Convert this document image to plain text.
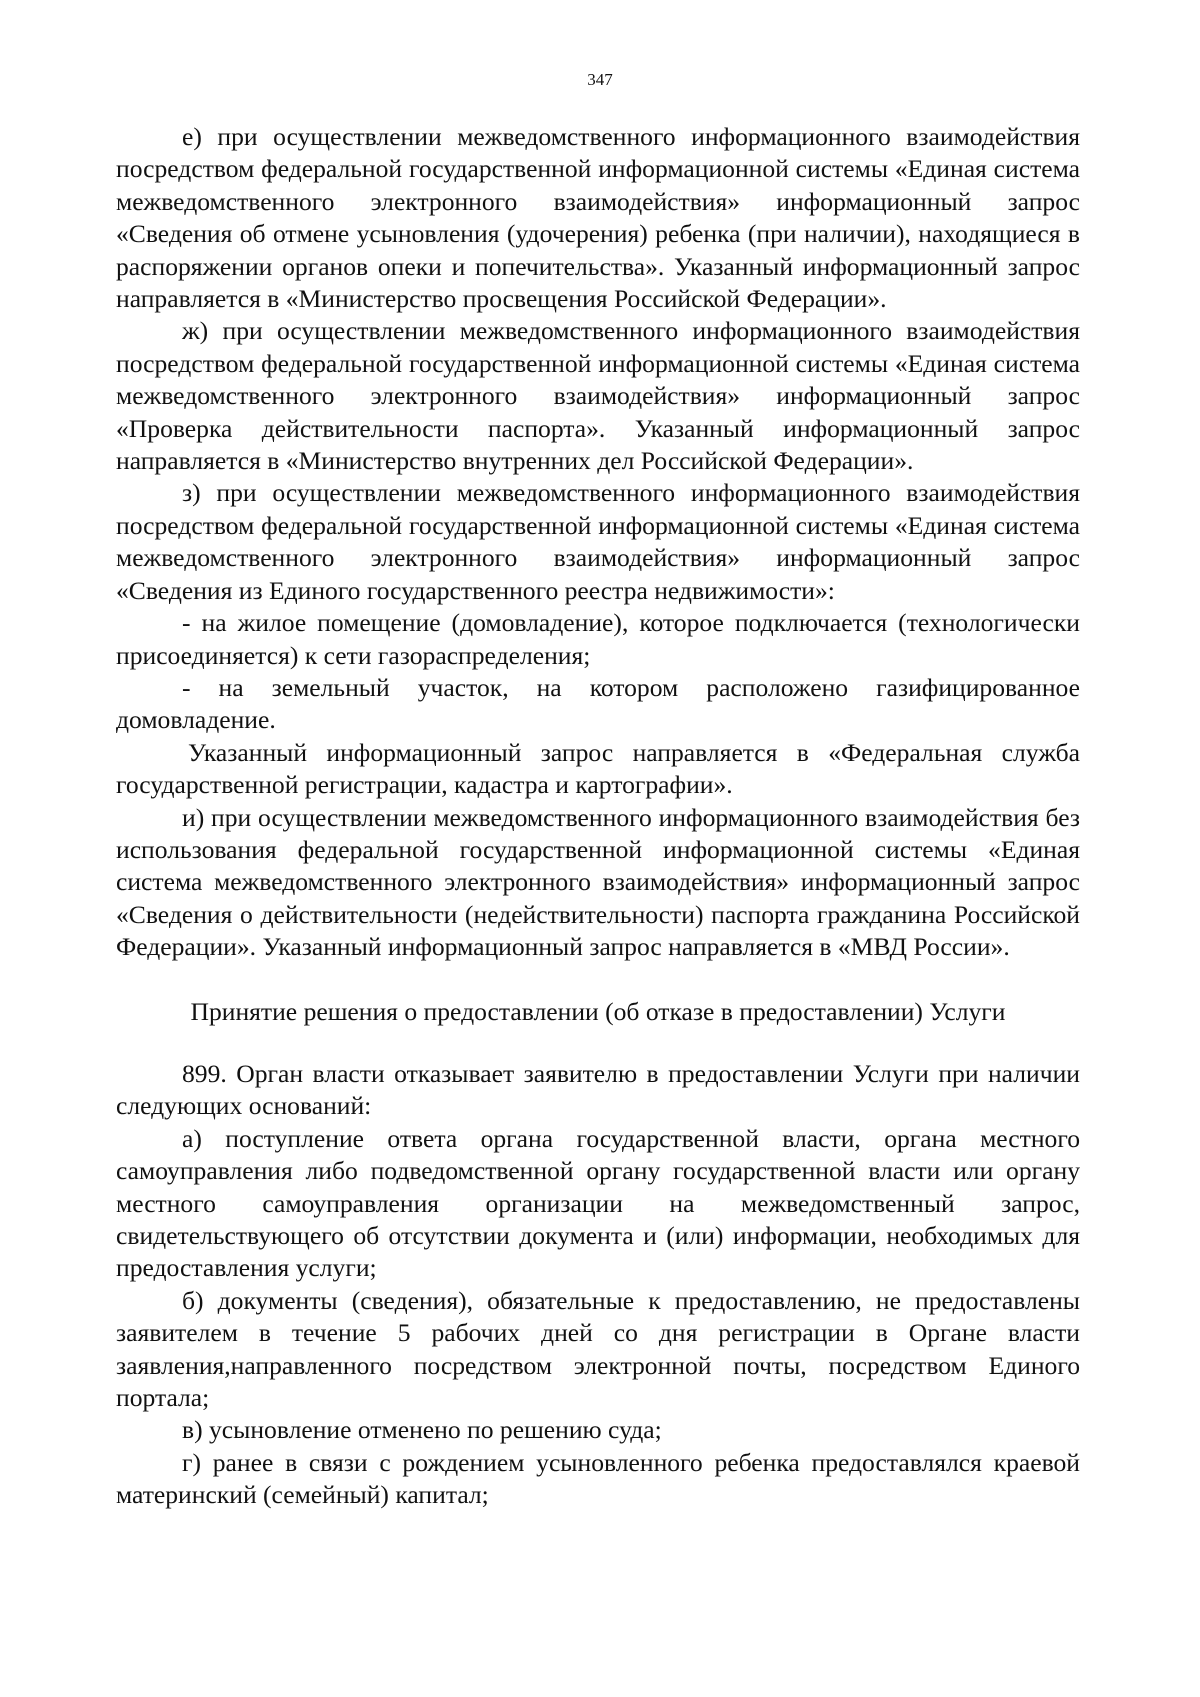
347

е) при осуществлении межведомственного информационного взаимодействия посредством федеральной государственной информационной системы «Единая система межведомственного электронного взаимодействия» информационный запрос «Сведения об отмене усыновления (удочерения) ребенка (при наличии), находящиеся в распоряжении органов опеки и попечительства». Указанный информационный запрос направляется в «Министерство просвещения Российской Федерации».

ж) при осуществлении межведомственного информационного взаимодействия посредством федеральной государственной информационной системы «Единая система межведомственного электронного взаимодействия» информационный запрос «Проверка действительности паспорта». Указанный информационный запрос направляется в «Министерство внутренних дел Российской Федерации».

з) при осуществлении межведомственного информационного взаимодействия посредством федеральной государственной информационной системы «Единая система межведомственного электронного взаимодействия» информационный запрос «Сведения из Единого государственного реестра недвижимости»:

- на жилое помещение (домовладение), которое подключается (технологически присоединяется) к сети газораспределения;

- на земельный участок, на котором расположено газифицированное домовладение.

Указанный информационный запрос направляется в «Федеральная служба государственной регистрации, кадастра и картографии».

и) при осуществлении межведомственного информационного взаимодействия без использования федеральной государственной информационной системы «Единая система межведомственного электронного взаимодействия» информационный запрос «Сведения о действительности (недействительности) паспорта гражданина Российской Федерации». Указанный информационный запрос направляется в «МВД России».

Принятие решения о предоставлении (об отказе в предоставлении) Услуги

899. Орган власти отказывает заявителю в предоставлении Услуги при наличии следующих оснований:

а) поступление ответа органа государственной власти, органа местного самоуправления либо подведомственной органу государственной власти или органу местного самоуправления организации на межведомственный запрос, свидетельствующего об отсутствии документа и (или) информации, необходимых для предоставления услуги;

б) документы (сведения), обязательные к предоставлению, не предоставлены заявителем в течение 5 рабочих дней со дня регистрации в Органе власти заявления,направленного посредством электронной почты, посредством Единого портала;

в) усыновление отменено по решению суда;

г) ранее в связи с рождением усыновленного ребенка предоставлялся краевой материнский (семейный) капитал;
